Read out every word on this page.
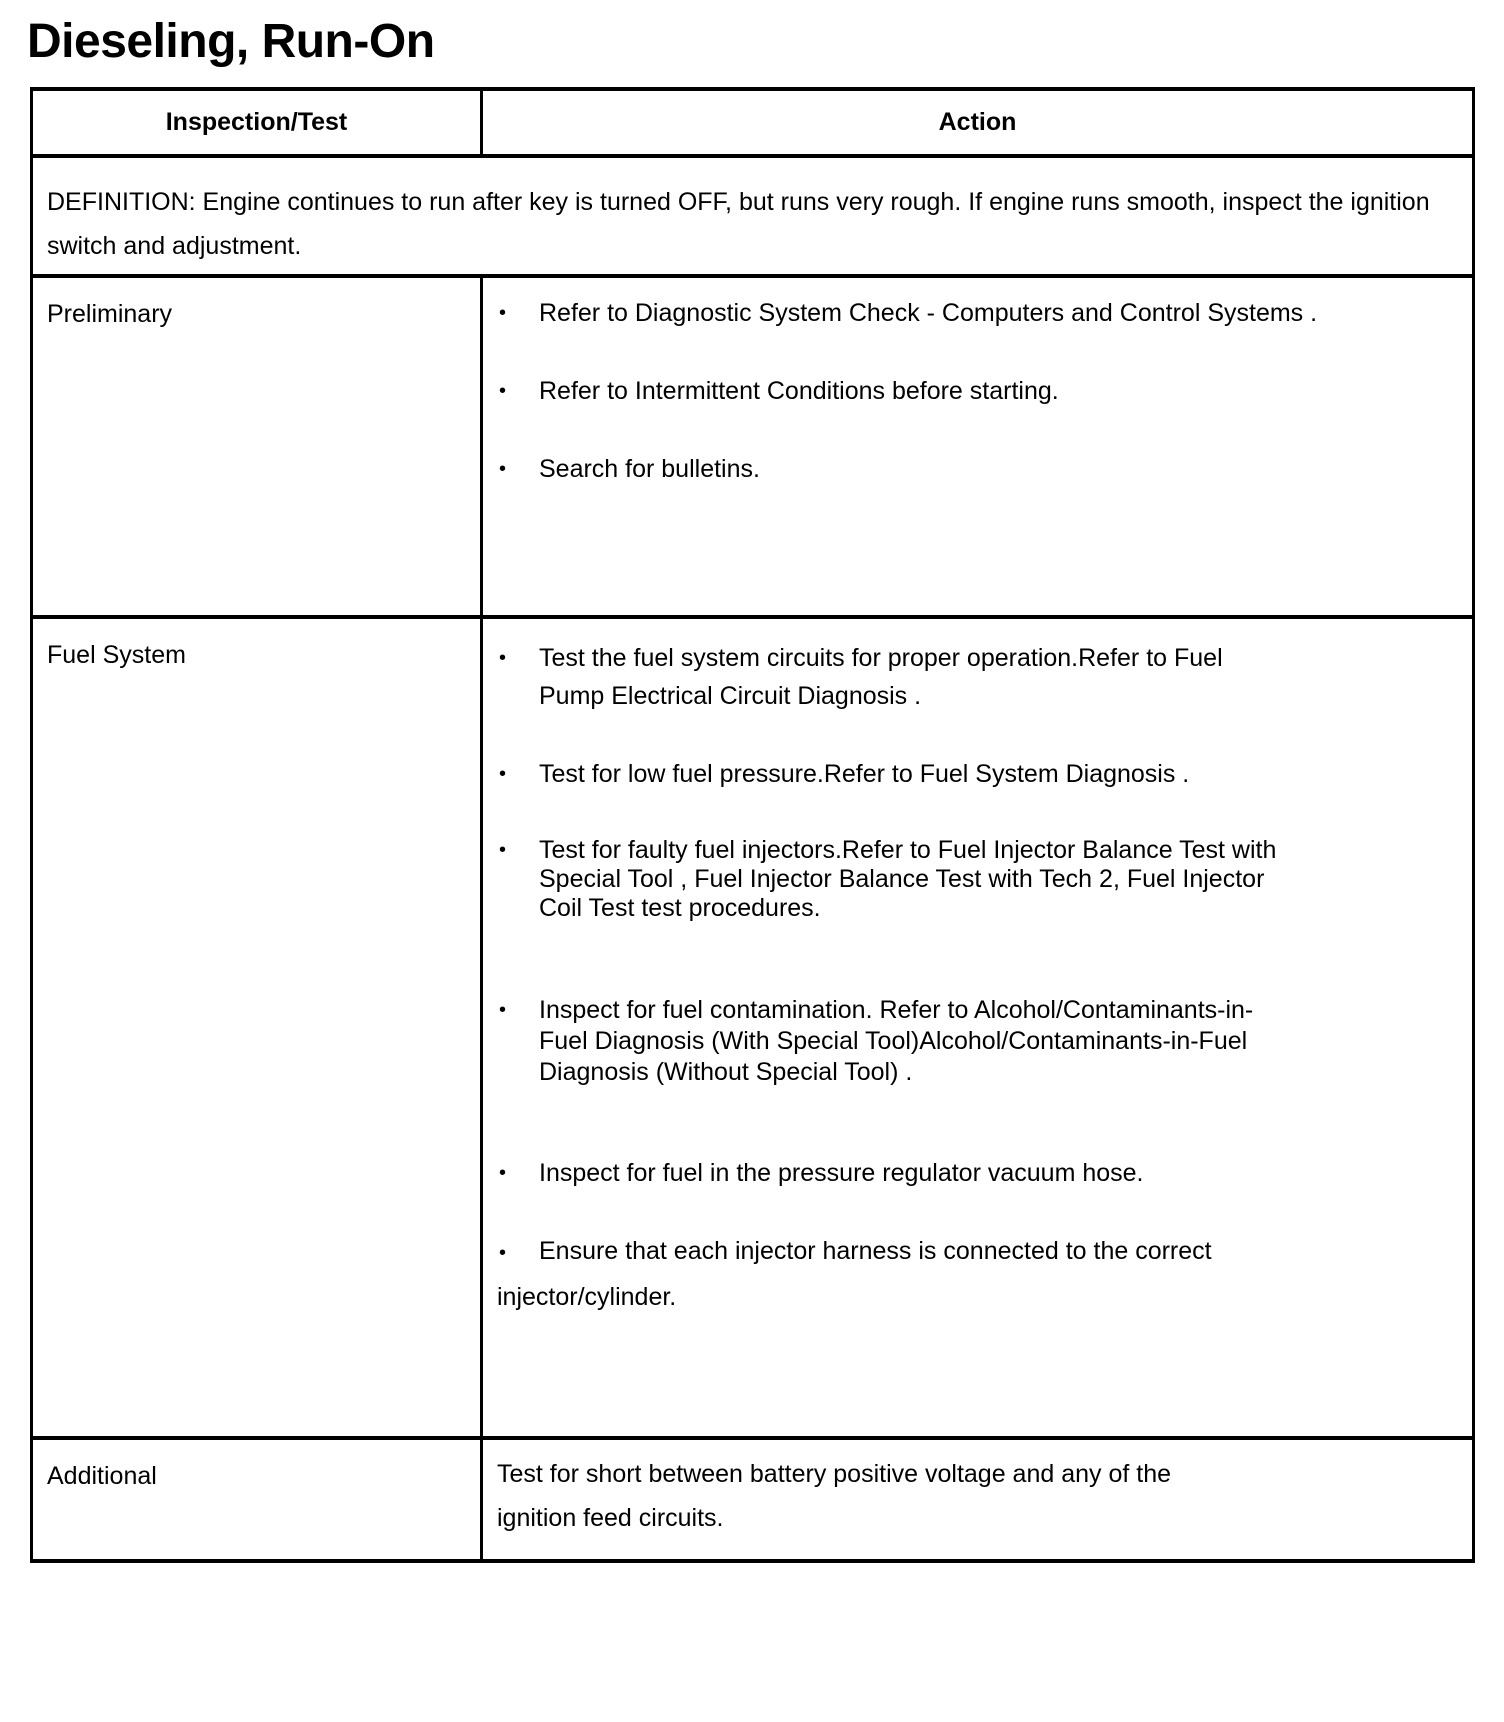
Dieseling, Run-On
Inspection/Test	Action
DEFINITION: Engine continues to run after key is turned OFF, but runs very rough. If engine runs smooth, inspect the ignition switch and adjustment.
Preliminary	•	Refer to Diagnostic System Check - Computers and Control Systems .
•	Refer to Intermittent Conditions before starting.
•	Search for bulletins.
Fuel System	•	Test the fuel system circuits for proper operation.Refer to Fuel Pump Electrical Circuit Diagnosis .
•	Test for low fuel pressure.Refer to Fuel System Diagnosis .
•	Test for faulty fuel injectors.Refer to Fuel Injector Balance Test with Special Tool , Fuel Injector Balance Test with Tech 2, Fuel Injector Coil Test test procedures.
•	Inspect for fuel contamination. Refer to Alcohol/Contaminants-in-Fuel Diagnosis (With Special Tool)Alcohol/Contaminants-in-Fuel Diagnosis (Without Special Tool) .
•	Inspect for fuel in the pressure regulator vacuum hose.
• Ensure that each injector harness is connected to the correct injector/cylinder.
Additional	Test for short between battery positive voltage and any of the ignition feed circuits.
